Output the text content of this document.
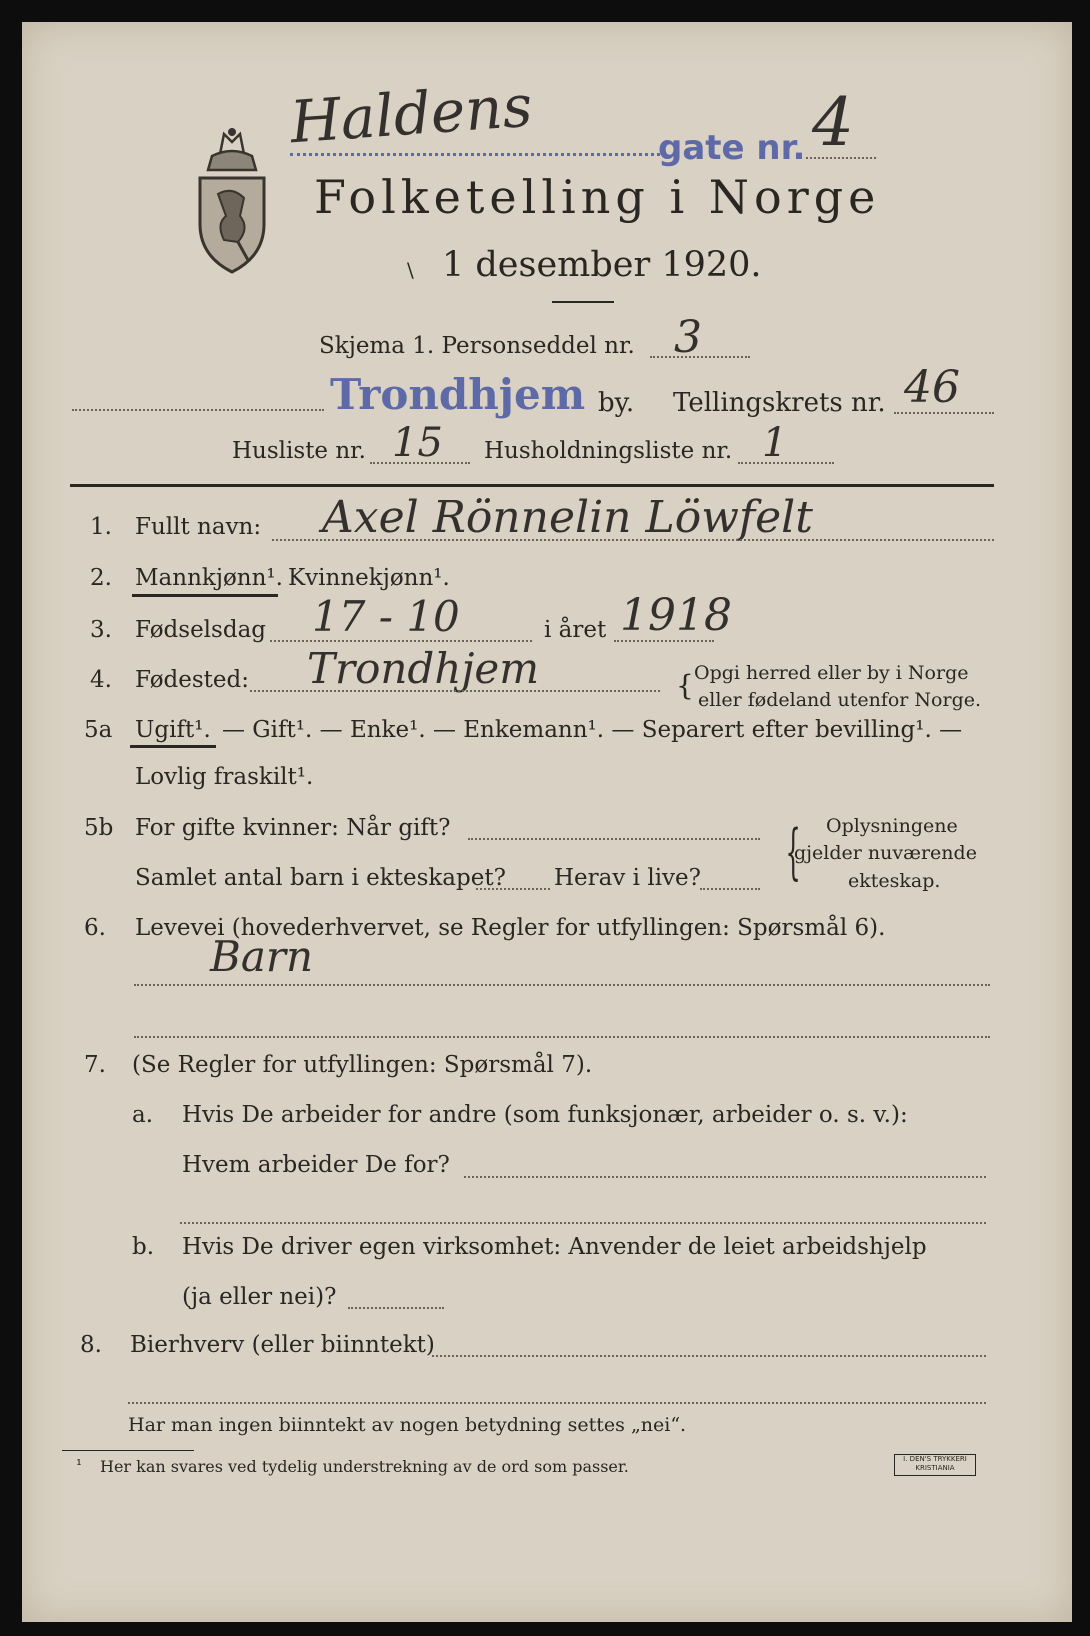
Haldens	gate nr. 4
Folketelling i Norge
\ 1 desember 1920.
Skjema 1. Personseddel nr. 3
Trondhjem by. Tellingskrets nr. 46
Husliste nr. 15 Husholdningsliste nr. 1
1. Fullt navn: Axel Rönnelin Löwfelt
2. Mannkjønn¹. Kvinnekjønn¹.
3. Fødselsdag 17 - 10	i året 1918
4. Fødested: Trondhjem	{ Opgi herred eller by i Norge
eller fødeland utenfor Norge.
5a Ugift¹. — Gift¹. — Enke¹. — Enkemann¹. — Separert efter bevilling¹. —
Lovlig fraskilt¹.
5b For gifte kvinner: Når gift?
Samlet antal barn i ekteskapet? Herav i live? { Oplysningene
gjelder nuværende
ekteskap.
6. Levevei (hovederhvervet, se Regler for utfyllingen: Spørsmål 6).
Barn
7. (Se Regler for utfyllingen: Spørsmål 7).
a. Hvis De arbeider for andre (som funksjonær, arbeider o. s. v.):
Hvem arbeider De for?
b. Hvis De driver egen virksomhet: Anvender de leiet arbeidshjelp
(ja eller nei)?
8. Bierhverv (eller biinntekt)
Har man ingen biinntekt av nogen betydning settes „nei“.
¹ Her kan svares ved tydelig understrekning av de ord som passer.	I. DEN'S TRYKKERI
KRISTIANIA
